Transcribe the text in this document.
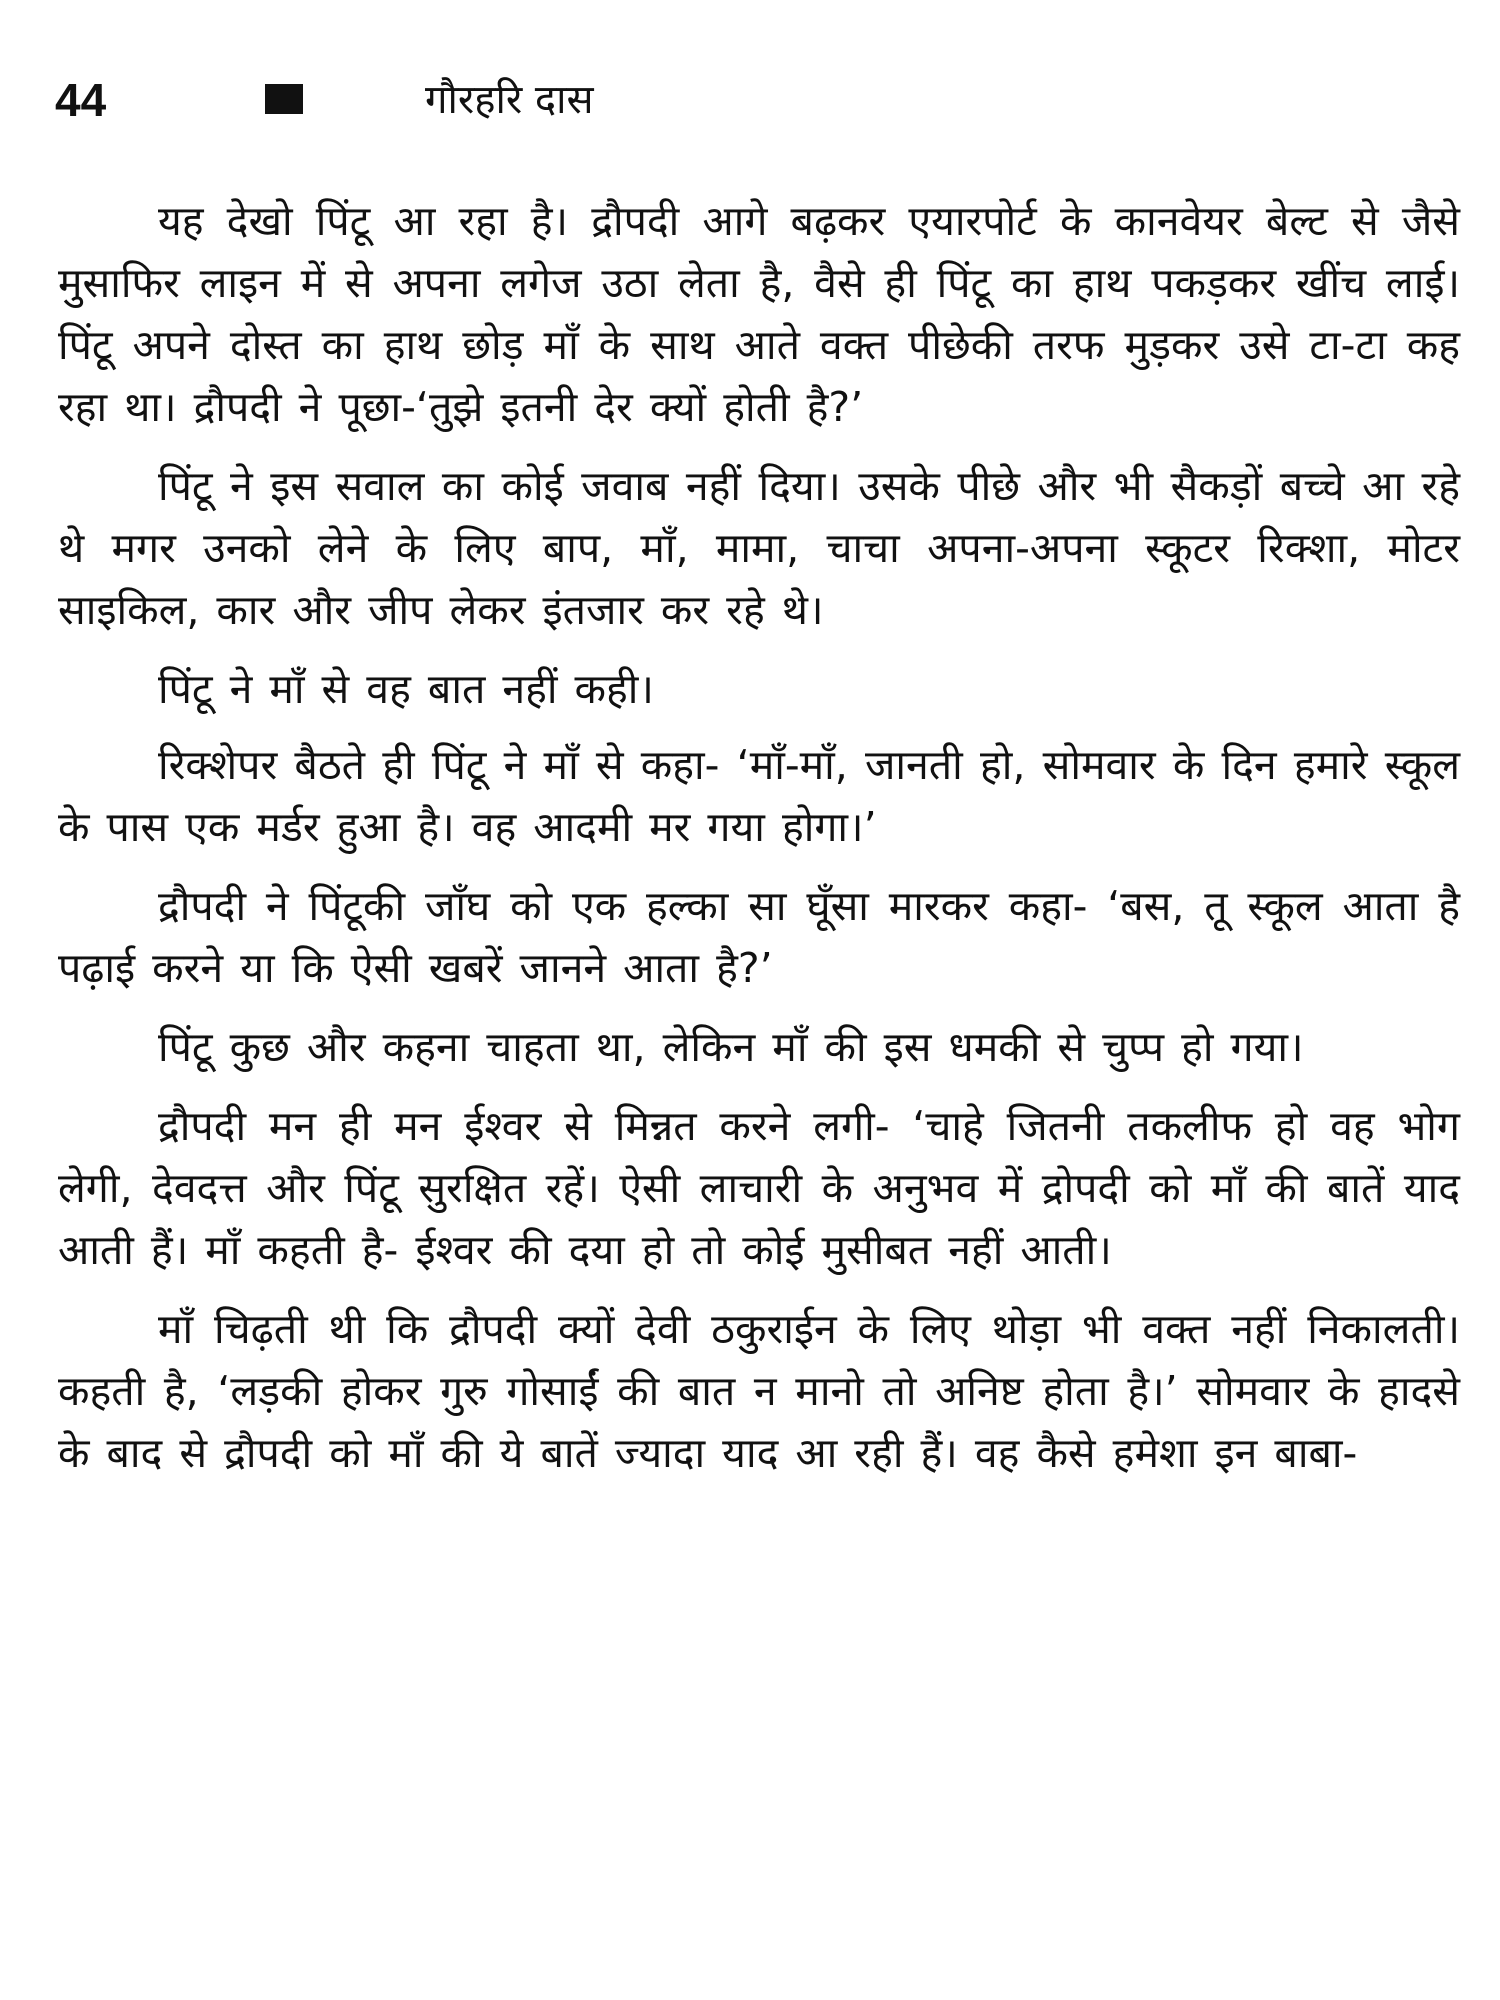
44	गौरहरि दास

यह देखो पिंटू आ रहा है। द्रौपदी आगे बढ़कर एयारपोर्ट के कानवेयर बेल्ट से जैसे मुसाफिर लाइन में से अपना लगेज उठा लेता है, वैसे ही पिंटू का हाथ पकड़कर खींच लाई। पिंटू अपने दोस्त का हाथ छोड़ माँ के साथ आते वक्त पीछेकी तरफ मुड़कर उसे टा-टा कह रहा था। द्रौपदी ने पूछा-‘तुझे इतनी देर क्यों होती है?’

पिंटू ने इस सवाल का कोई जवाब नहीं दिया। उसके पीछे और भी सैकड़ों बच्चे आ रहे थे मगर उनको लेने के लिए बाप, माँ, मामा, चाचा अपना-अपना स्कूटर रिक्शा, मोटर साइकिल, कार और जीप लेकर इंतजार कर रहे थे।

पिंटू ने माँ से वह बात नहीं कही।

रिक्शेपर बैठते ही पिंटू ने माँ से कहा- ‘माँ-माँ, जानती हो, सोमवार के दिन हमारे स्कूल के पास एक मर्डर हुआ है। वह आदमी मर गया होगा।’

द्रौपदी ने पिंटूकी जाँघ को एक हल्का सा घूँसा मारकर कहा- ‘बस, तू स्कूल आता है पढ़ाई करने या कि ऐसी खबरें जानने आता है?’

पिंटू कुछ और कहना चाहता था, लेकिन माँ की इस धमकी से चुप्प हो गया।

द्रौपदी मन ही मन ईश्वर से मिन्नत करने लगी- ‘चाहे जितनी तकलीफ हो वह भोग लेगी, देवदत्त और पिंटू सुरक्षित रहें। ऐसी लाचारी के अनुभव में द्रोपदी को माँ की बातें याद आती हैं। माँ कहती है- ईश्वर की दया हो तो कोई मुसीबत नहीं आती।

माँ चिढ़ती थी कि द्रौपदी क्यों देवी ठकुराईन के लिए थोड़ा भी वक्त नहीं निकालती। कहती है, ‘लड़की होकर गुरु गोसाईं की बात न मानो तो अनिष्ट होता है।’ सोमवार के हादसे के बाद से द्रौपदी को माँ की ये बातें ज्यादा याद आ रही हैं। वह कैसे हमेशा इन बाबा-
